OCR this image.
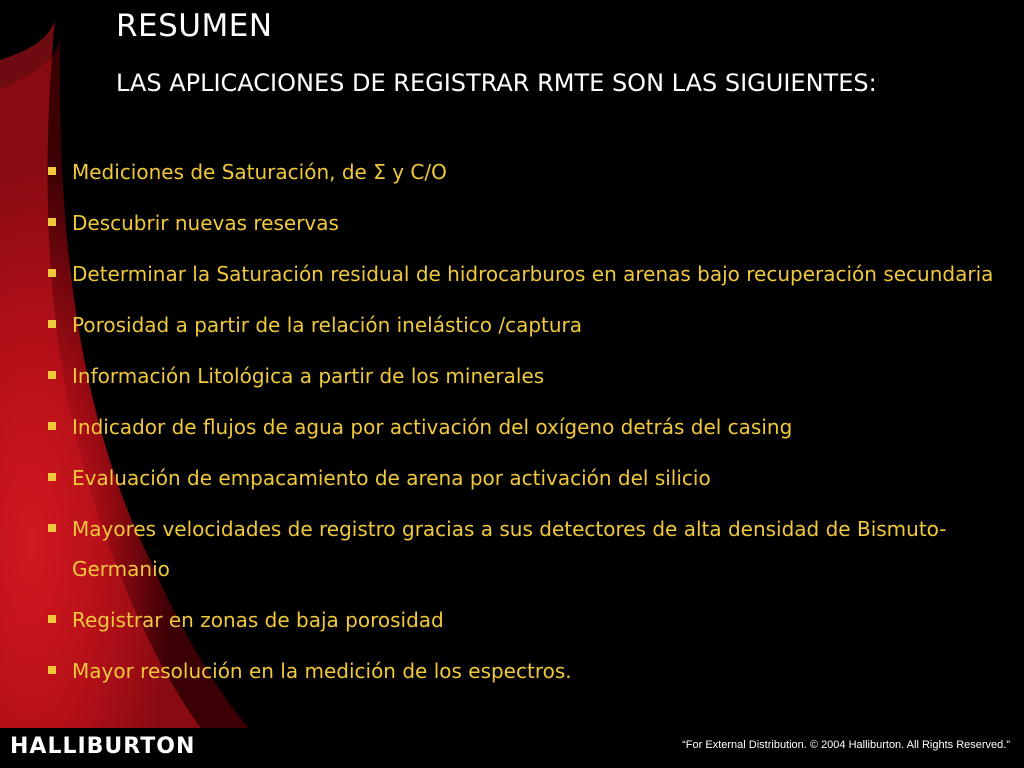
RESUMEN
LAS APLICACIONES DE REGISTRAR RMTE SON LAS SIGUIENTES:
Mediciones de Saturación, de Σ y C/O
Descubrir nuevas reservas
Determinar la Saturación residual de hidrocarburos en arenas bajo recuperación secundaria
Porosidad a partir de la relación inelástico /captura
Información Litológica a partir de los minerales
Indicador de flujos de agua por activación del oxígeno detrás del casing
Evaluación de empacamiento de arena por activación del silicio
Mayores velocidades de registro gracias a sus detectores de alta densidad de Bismuto-Germanio
Registrar en zonas de baja porosidad
Mayor resolución en la medición de los espectros.
HALLIBURTON	“For External Distribution. © 2004 Halliburton. All Rights Reserved.”
